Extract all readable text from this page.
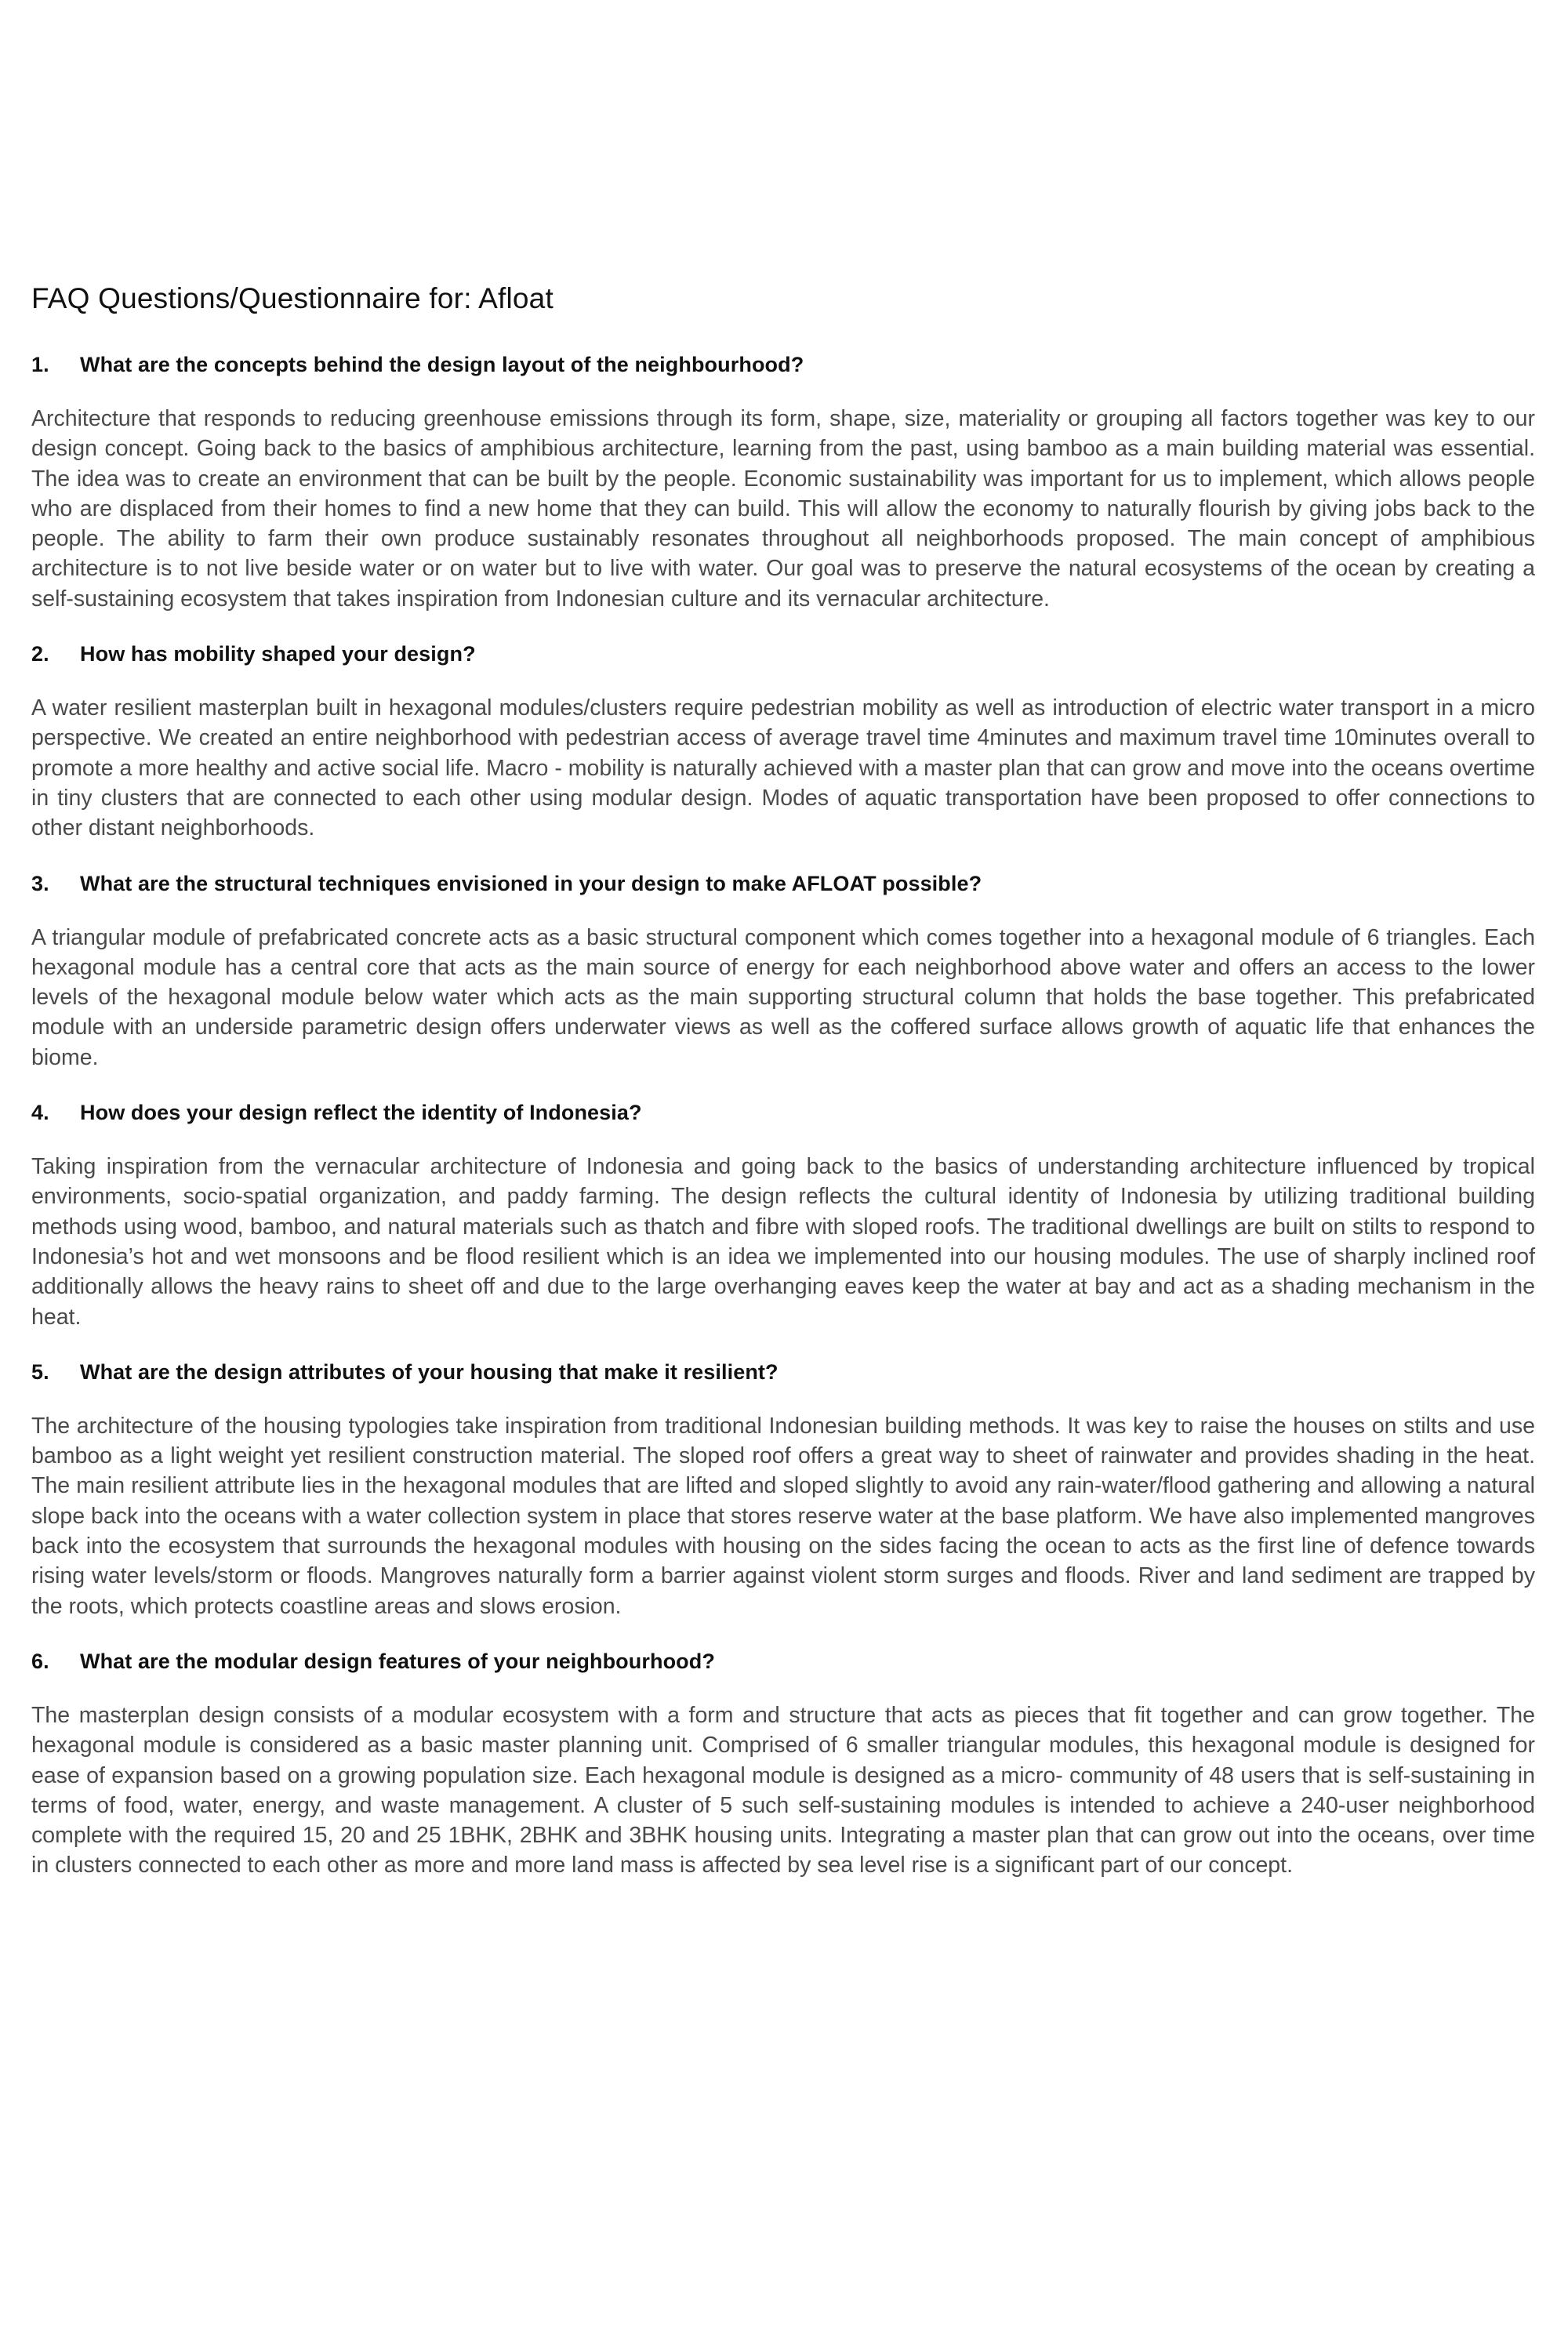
FAQ Questions/Questionnaire for: Afloat
1.	What are the concepts behind the design layout of the neighbourhood?

Architecture that responds to reducing greenhouse emissions through its form, shape, size, materiality or grouping all factors together was key to our design concept. Going back to the basics of amphibious architecture, learning from the past, using bamboo as a main building material was essential. The idea was to create an environment that can be built by the people. Economic sustainability was important for us to implement, which allows people who are displaced from their homes to find a new home that they can build. This will allow the economy to naturally flourish by giving jobs back to the people. The ability to farm their own produce sustainably resonates throughout all neighborhoods proposed. The main concept of amphibious architecture is to not live beside water or on water but to live with water. Our goal was to preserve the natural ecosystems of the ocean by creating a self-sustaining ecosystem that takes inspiration from Indonesian culture and its vernacular architecture.

2.	How has mobility shaped your design?

A water resilient masterplan built in hexagonal modules/clusters require pedestrian mobility as well as introduction of electric water transport in a micro perspective. We created an entire neighborhood with pedestrian access of average travel time 4minutes and maximum travel time 10minutes overall to promote a more healthy and active social life. Macro - mobility is naturally achieved with a master plan that can grow and move into the oceans overtime in tiny clusters that are connected to each other using modular design. Modes of aquatic transportation have been proposed to offer connections to other distant neighborhoods.

3.	What are the structural techniques envisioned in your design to make AFLOAT possible?

A triangular module of prefabricated concrete acts as a basic structural component which comes together into a hexagonal module of 6 triangles. Each hexagonal module has a central core that acts as the main source of energy for each neighborhood above water and offers an access to the lower levels of the hexagonal module below water which acts as the main supporting structural column that holds the base together. This prefabricated module with an underside parametric design offers underwater views as well as the coffered surface allows growth of aquatic life that enhances the biome.

4.	How does your design reflect the identity of Indonesia?

Taking inspiration from the vernacular architecture of Indonesia and going back to the basics of understanding architecture influenced by tropical environments, socio-spatial organization, and paddy farming. The design reflects the cultural identity of Indonesia by utilizing traditional building methods using wood, bamboo, and natural materials such as thatch and fibre with sloped roofs. The traditional dwellings are built on stilts to respond to Indonesia’s hot and wet monsoons and be flood resilient which is an idea we implemented into our housing modules. The use of sharply inclined roof additionally allows the heavy rains to sheet off and due to the large overhanging eaves keep the water at bay and act as a shading mechanism in the heat.

5.	What are the design attributes of your housing that make it resilient?

The architecture of the housing typologies take inspiration from traditional Indonesian building methods. It was key to raise the houses on stilts and use bamboo as a light weight yet resilient construction material. The sloped roof offers a great way to sheet of rainwater and provides shading in the heat. The main resilient attribute lies in the hexagonal modules that are lifted and sloped slightly to avoid any rain-water/flood gathering and allowing a natural slope back into the oceans with a water collection system in place that stores reserve water at the base platform. We have also implemented mangroves back into the ecosystem that surrounds the hexagonal modules with housing on the sides facing the ocean to acts as the first line of defence towards rising water levels/storm or floods. Mangroves naturally form a barrier against violent storm surges and floods. River and land sediment are trapped by the roots, which protects coastline areas and slows erosion.

6.	What are the modular design features of your neighbourhood?

The masterplan design consists of a modular ecosystem with a form and structure that acts as pieces that fit together and can grow together. The hexagonal module is considered as a basic master planning unit. Comprised of 6 smaller triangular modules, this hexagonal module is designed for ease of expansion based on a growing population size. Each hexagonal module is designed as a micro- community of 48 users that is self-sustaining in terms of food, water, energy, and waste management. A cluster of 5 such self-sustaining modules is intended to achieve a 240-user neighborhood complete with the required 15, 20 and 25 1BHK, 2BHK and 3BHK housing units. Integrating a master plan that can grow out into the oceans, over time in clusters connected to each other as more and more land mass is affected by sea level rise is a significant part of our concept.
